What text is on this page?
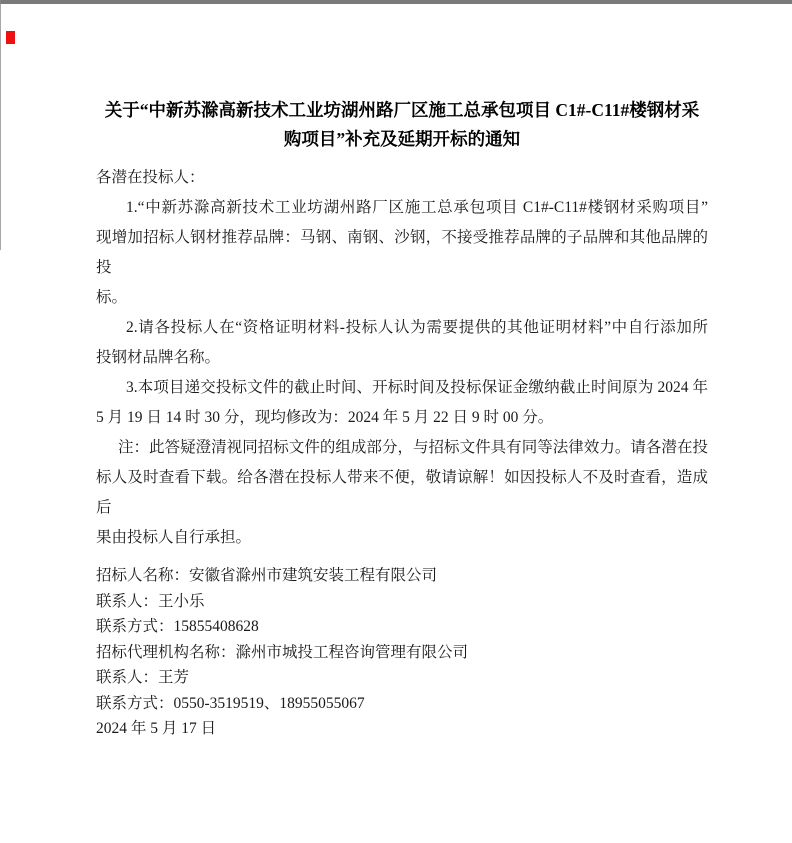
关于“中新苏滁高新技术工业坊湖州路厂区施工总承包项目 C1#-C11#楼钢材采
购项目”补充及延期开标的通知
各潜在投标人：
1.“中新苏滁高新技术工业坊湖州路厂区施工总承包项目 C1#-C11#楼钢材采购项目”
现增加招标人钢材推荐品牌：马钢、南钢、沙钢，不接受推荐品牌的子品牌和其他品牌的投
标。
2.请各投标人在“资格证明材料-投标人认为需要提供的其他证明材料”中自行添加所
投钢材品牌名称。
3.本项目递交投标文件的截止时间、开标时间及投标保证金缴纳截止时间原为 2024 年
5 月 19 日 14 时 30 分，现均修改为：2024 年 5 月 22 日 9 时 00 分。
注：此答疑澄清视同招标文件的组成部分，与招标文件具有同等法律效力。请各潜在投
标人及时查看下载。给各潜在投标人带来不便，敬请谅解！如因投标人不及时查看，造成后
果由投标人自行承担。
招标人名称：安徽省滁州市建筑安装工程有限公司
联系人：王小乐
联系方式：15855408628
招标代理机构名称：滁州市城投工程咨询管理有限公司
联系人：王芳
联系方式：0550-3519519、18955055067
2024 年 5 月 17 日
